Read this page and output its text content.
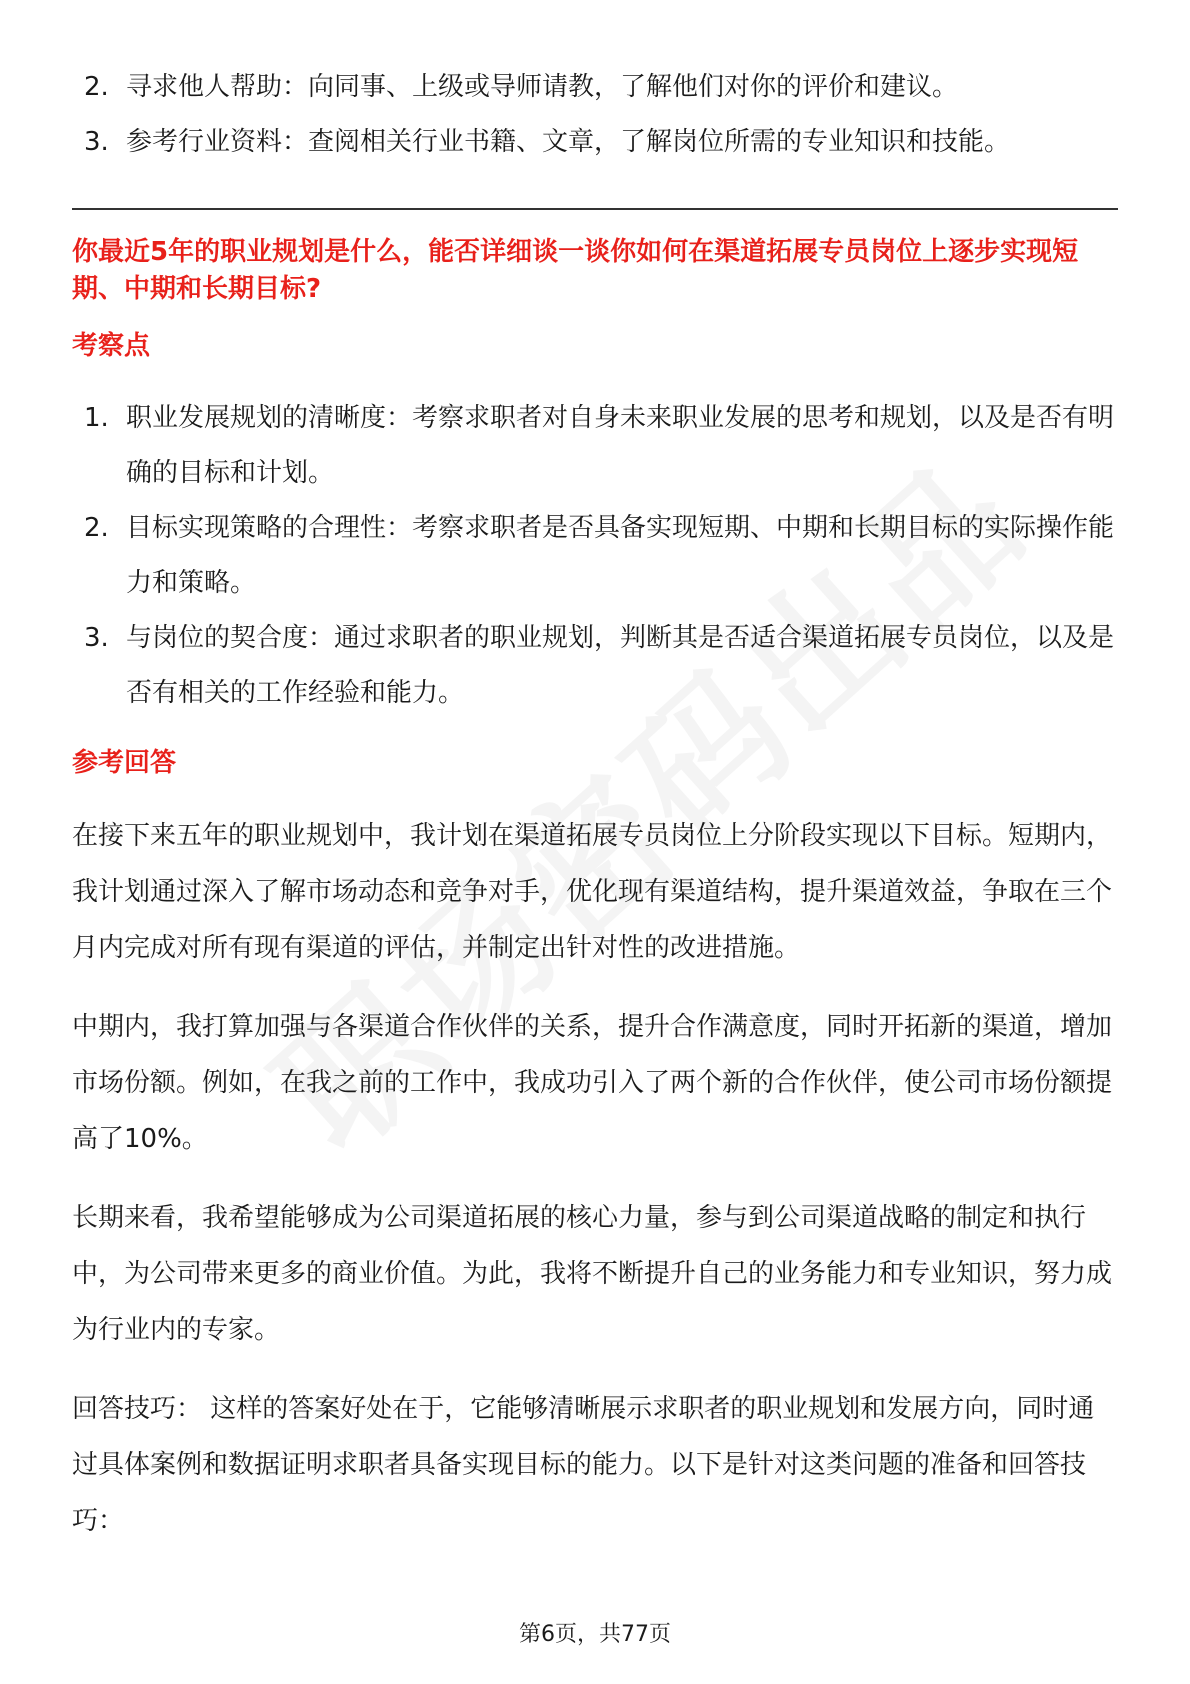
2. 寻求他人帮助：向同事、上级或导师请教，了解他们对你的评价和建议。
3. 参考行业资料：查阅相关行业书籍、文章，了解岗位所需的专业知识和技能。
你最近5年的职业规划是什么，能否详细谈一谈你如何在渠道拓展专员岗位上逐步实现短期、中期和长期目标?
考察点
1. 职业发展规划的清晰度：考察求职者对自身未来职业发展的思考和规划，以及是否有明确的目标和计划。
2. 目标实现策略的合理性：考察求职者是否具备实现短期、中期和长期目标的实际操作能力和策略。
3. 与岗位的契合度：通过求职者的职业规划，判断其是否适合渠道拓展专员岗位，以及是否有相关的工作经验和能力。
参考回答

在接下来五年的职业规划中，我计划在渠道拓展专员岗位上分阶段实现以下目标。短期内，我计划通过深入了解市场动态和竞争对手，优化现有渠道结构，提升渠道效益，争取在三个月内完成对所有现有渠道的评估，并制定出针对性的改进措施。

中期内，我打算加强与各渠道合作伙伴的关系，提升合作满意度，同时开拓新的渠道，增加市场份额。例如，在我之前的工作中，我成功引入了两个新的合作伙伴，使公司市场份额提高了10%。

长期来看，我希望能够成为公司渠道拓展的核心力量，参与到公司渠道战略的制定和执行中，为公司带来更多的商业价值。为此，我将不断提升自己的业务能力和专业知识，努力成为行业内的专家。

回答技巧： 这样的答案好处在于，它能够清晰展示求职者的职业规划和发展方向，同时通过具体案例和数据证明求职者具备实现目标的能力。以下是针对这类问题的准备和回答技巧：

第6页，共77页
